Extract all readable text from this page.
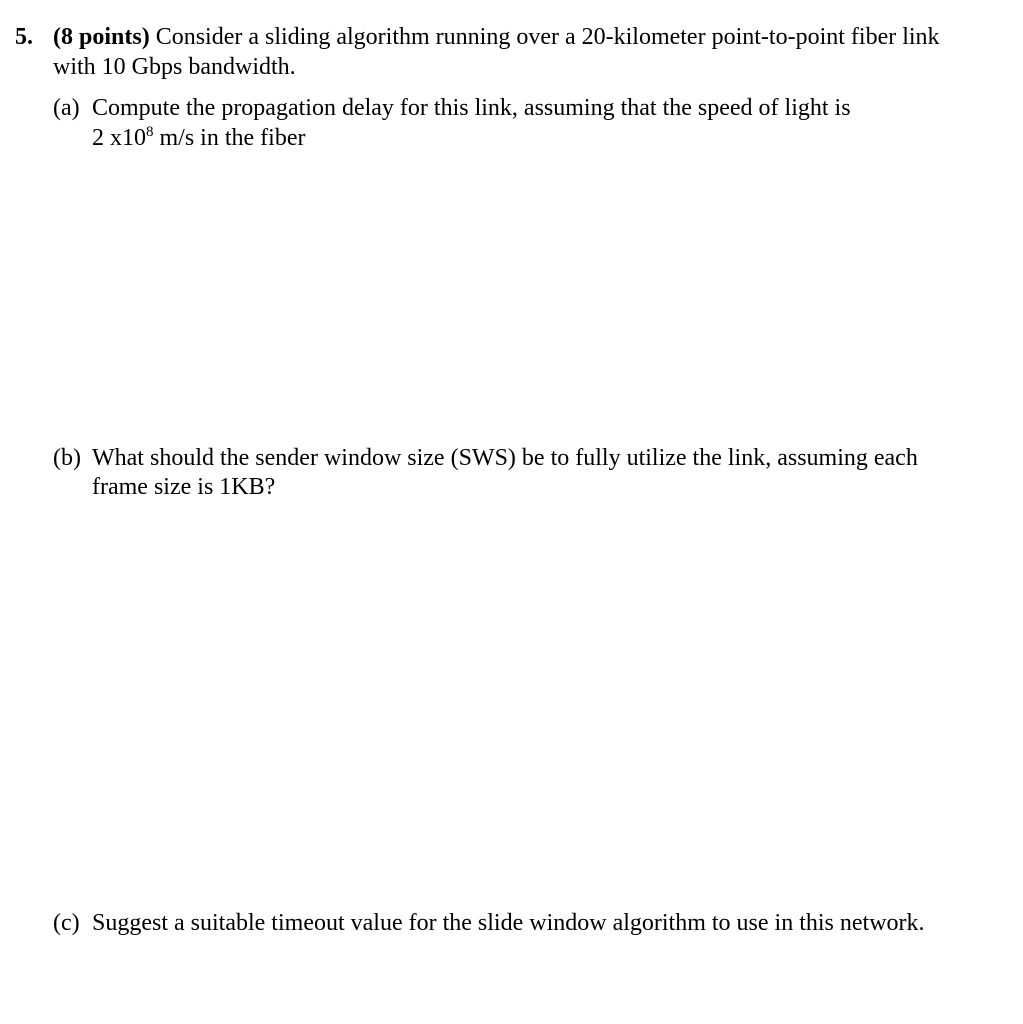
5. (8 points) Consider a sliding algorithm running over a 20-kilometer point-to-point fiber link
with 10 Gbps bandwidth.
(a) Compute the propagation delay for this link, assuming that the speed of light is
2 $x10^8$ m/s in the fiber
(b) What should the sender window size (SWS) be to fully utilize the link, assuming each
frame size is 1KB?
(c) Suggest a suitable timeout value for the slide window algorithm to use in this network.
